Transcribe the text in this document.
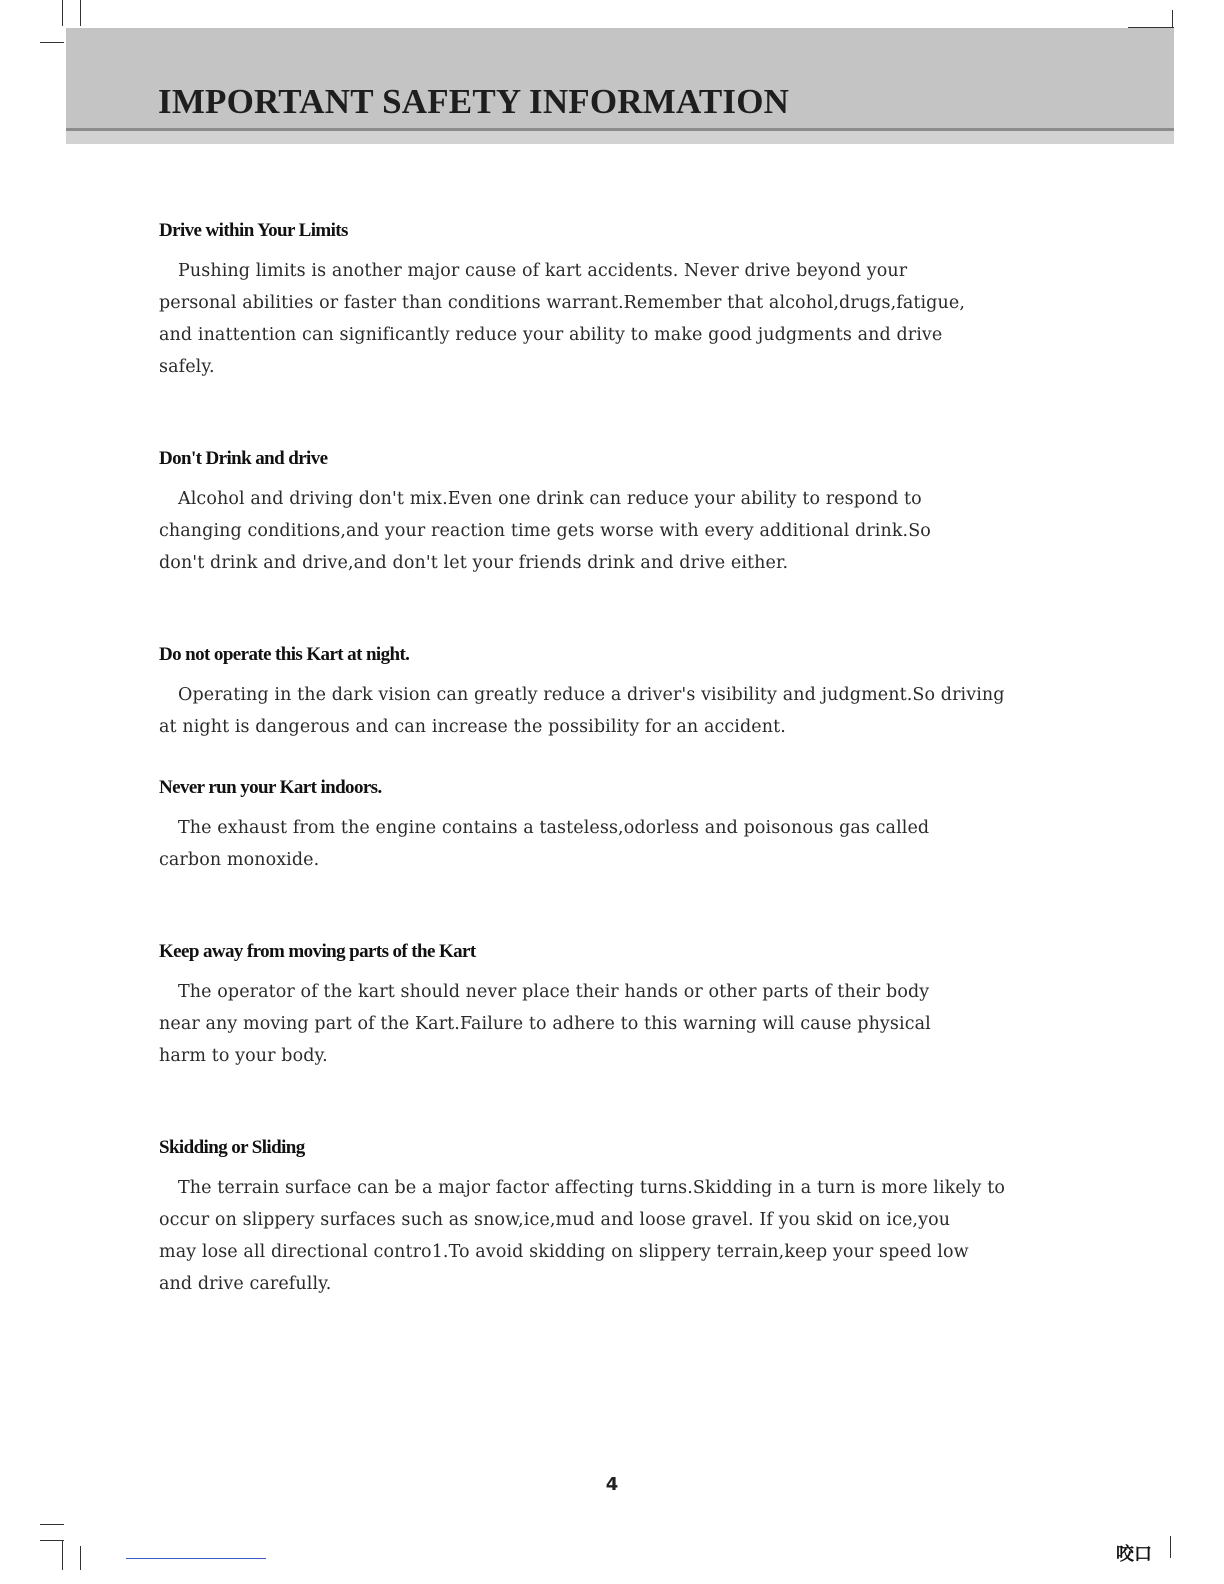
IMPORTANT SAFETY INFORMATION
Drive within Your Limits

Pushing limits is another major cause of kart accidents. Never drive beyond your
personal abilities or faster than conditions warrant.Remember that alcohol,drugs,fatigue,
and inattention can significantly reduce your ability to make good judgments and drive
safely.

Don't Drink and drive

Alcohol and driving don't mix.Even one drink can reduce your ability to respond to
changing conditions,and your reaction time gets worse with every additional drink.So
don't drink and drive,and don't let your friends drink and drive either.

Do not operate this Kart at night.

Operating in the dark vision can greatly reduce a driver's visibility and judgment.So driving
at night is dangerous and can increase the possibility for an accident.

Never run your Kart indoors.

The exhaust from the engine contains a tasteless,odorless and poisonous gas called
carbon monoxide.

Keep away from moving parts of the Kart

The operator of the kart should never place their hands or other parts of their body
near any moving part of the Kart.Failure to adhere to this warning will cause physical
harm to your body.

Skidding or Sliding

The terrain surface can be a major factor affecting turns.Skidding in a turn is more likely to
occur on slippery surfaces such as snow,ice,mud and loose gravel. If you skid on ice,you
may lose all directional contro1.To avoid skidding on slippery terrain,keep your speed low
and drive carefully.

4
咬口
